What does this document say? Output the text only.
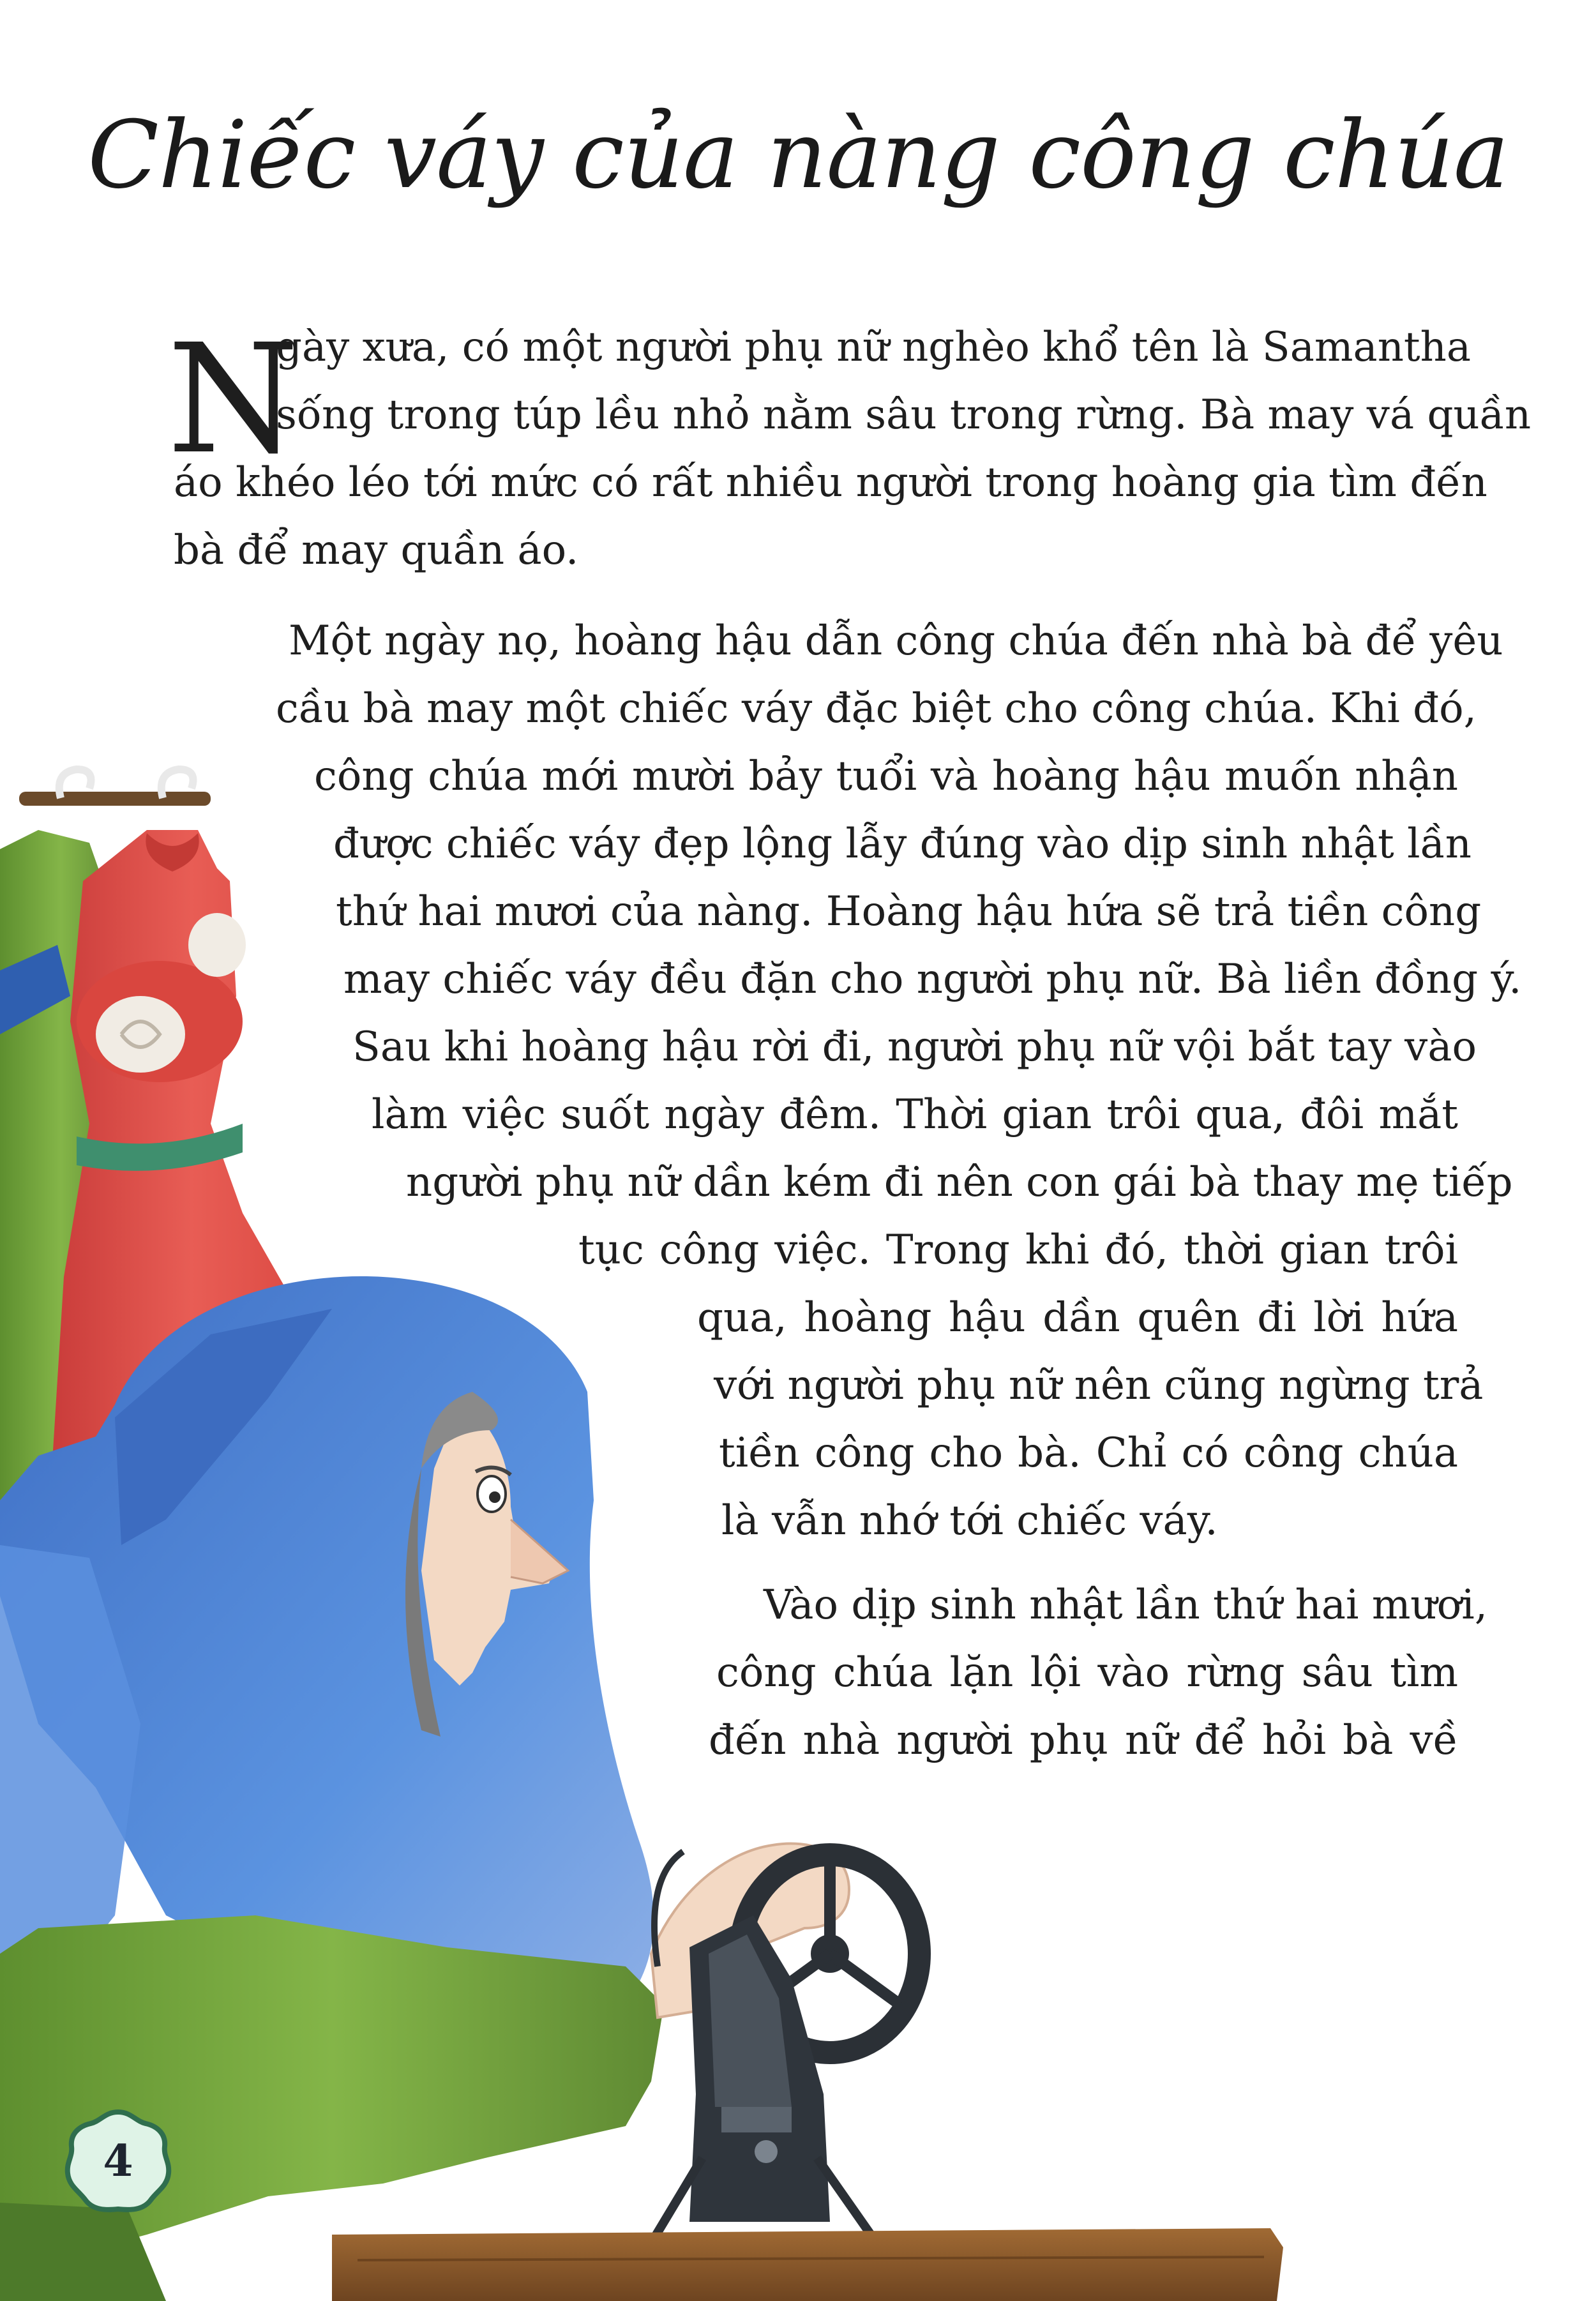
Chiếc váy của nàng công chúa
N
gày xưa, có một người phụ nữ nghèo khổ tên là Samantha
sống trong túp lều nhỏ nằm sâu trong rừng. Bà may vá quần
áo khéo léo tới mức có rất nhiều người trong hoàng gia tìm đến
bà để may quần áo.
Một ngày nọ, hoàng hậu dẫn công chúa đến nhà bà để yêu
cầu bà may một chiếc váy đặc biệt cho công chúa. Khi đó,
công chúa mới mười bảy tuổi và hoàng hậu muốn nhận
được chiếc váy đẹp lộng lẫy đúng vào dịp sinh nhật lần
thứ hai mươi của nàng. Hoàng hậu hứa sẽ trả tiền công
may chiếc váy đều đặn cho người phụ nữ. Bà liền đồng ý.
Sau khi hoàng hậu rời đi, người phụ nữ vội bắt tay vào
làm việc suốt ngày đêm. Thời gian trôi qua, đôi mắt
người phụ nữ dần kém đi nên con gái bà thay mẹ tiếp
tục công việc. Trong khi đó, thời gian trôi
qua, hoàng hậu dần quên đi lời hứa
với người phụ nữ nên cũng ngừng trả
tiền công cho bà. Chỉ có công chúa
là vẫn nhớ tới chiếc váy.
Vào dịp sinh nhật lần thứ hai mươi,
công chúa lặn lội vào rừng sâu tìm
đến nhà người phụ nữ để hỏi bà về
4
